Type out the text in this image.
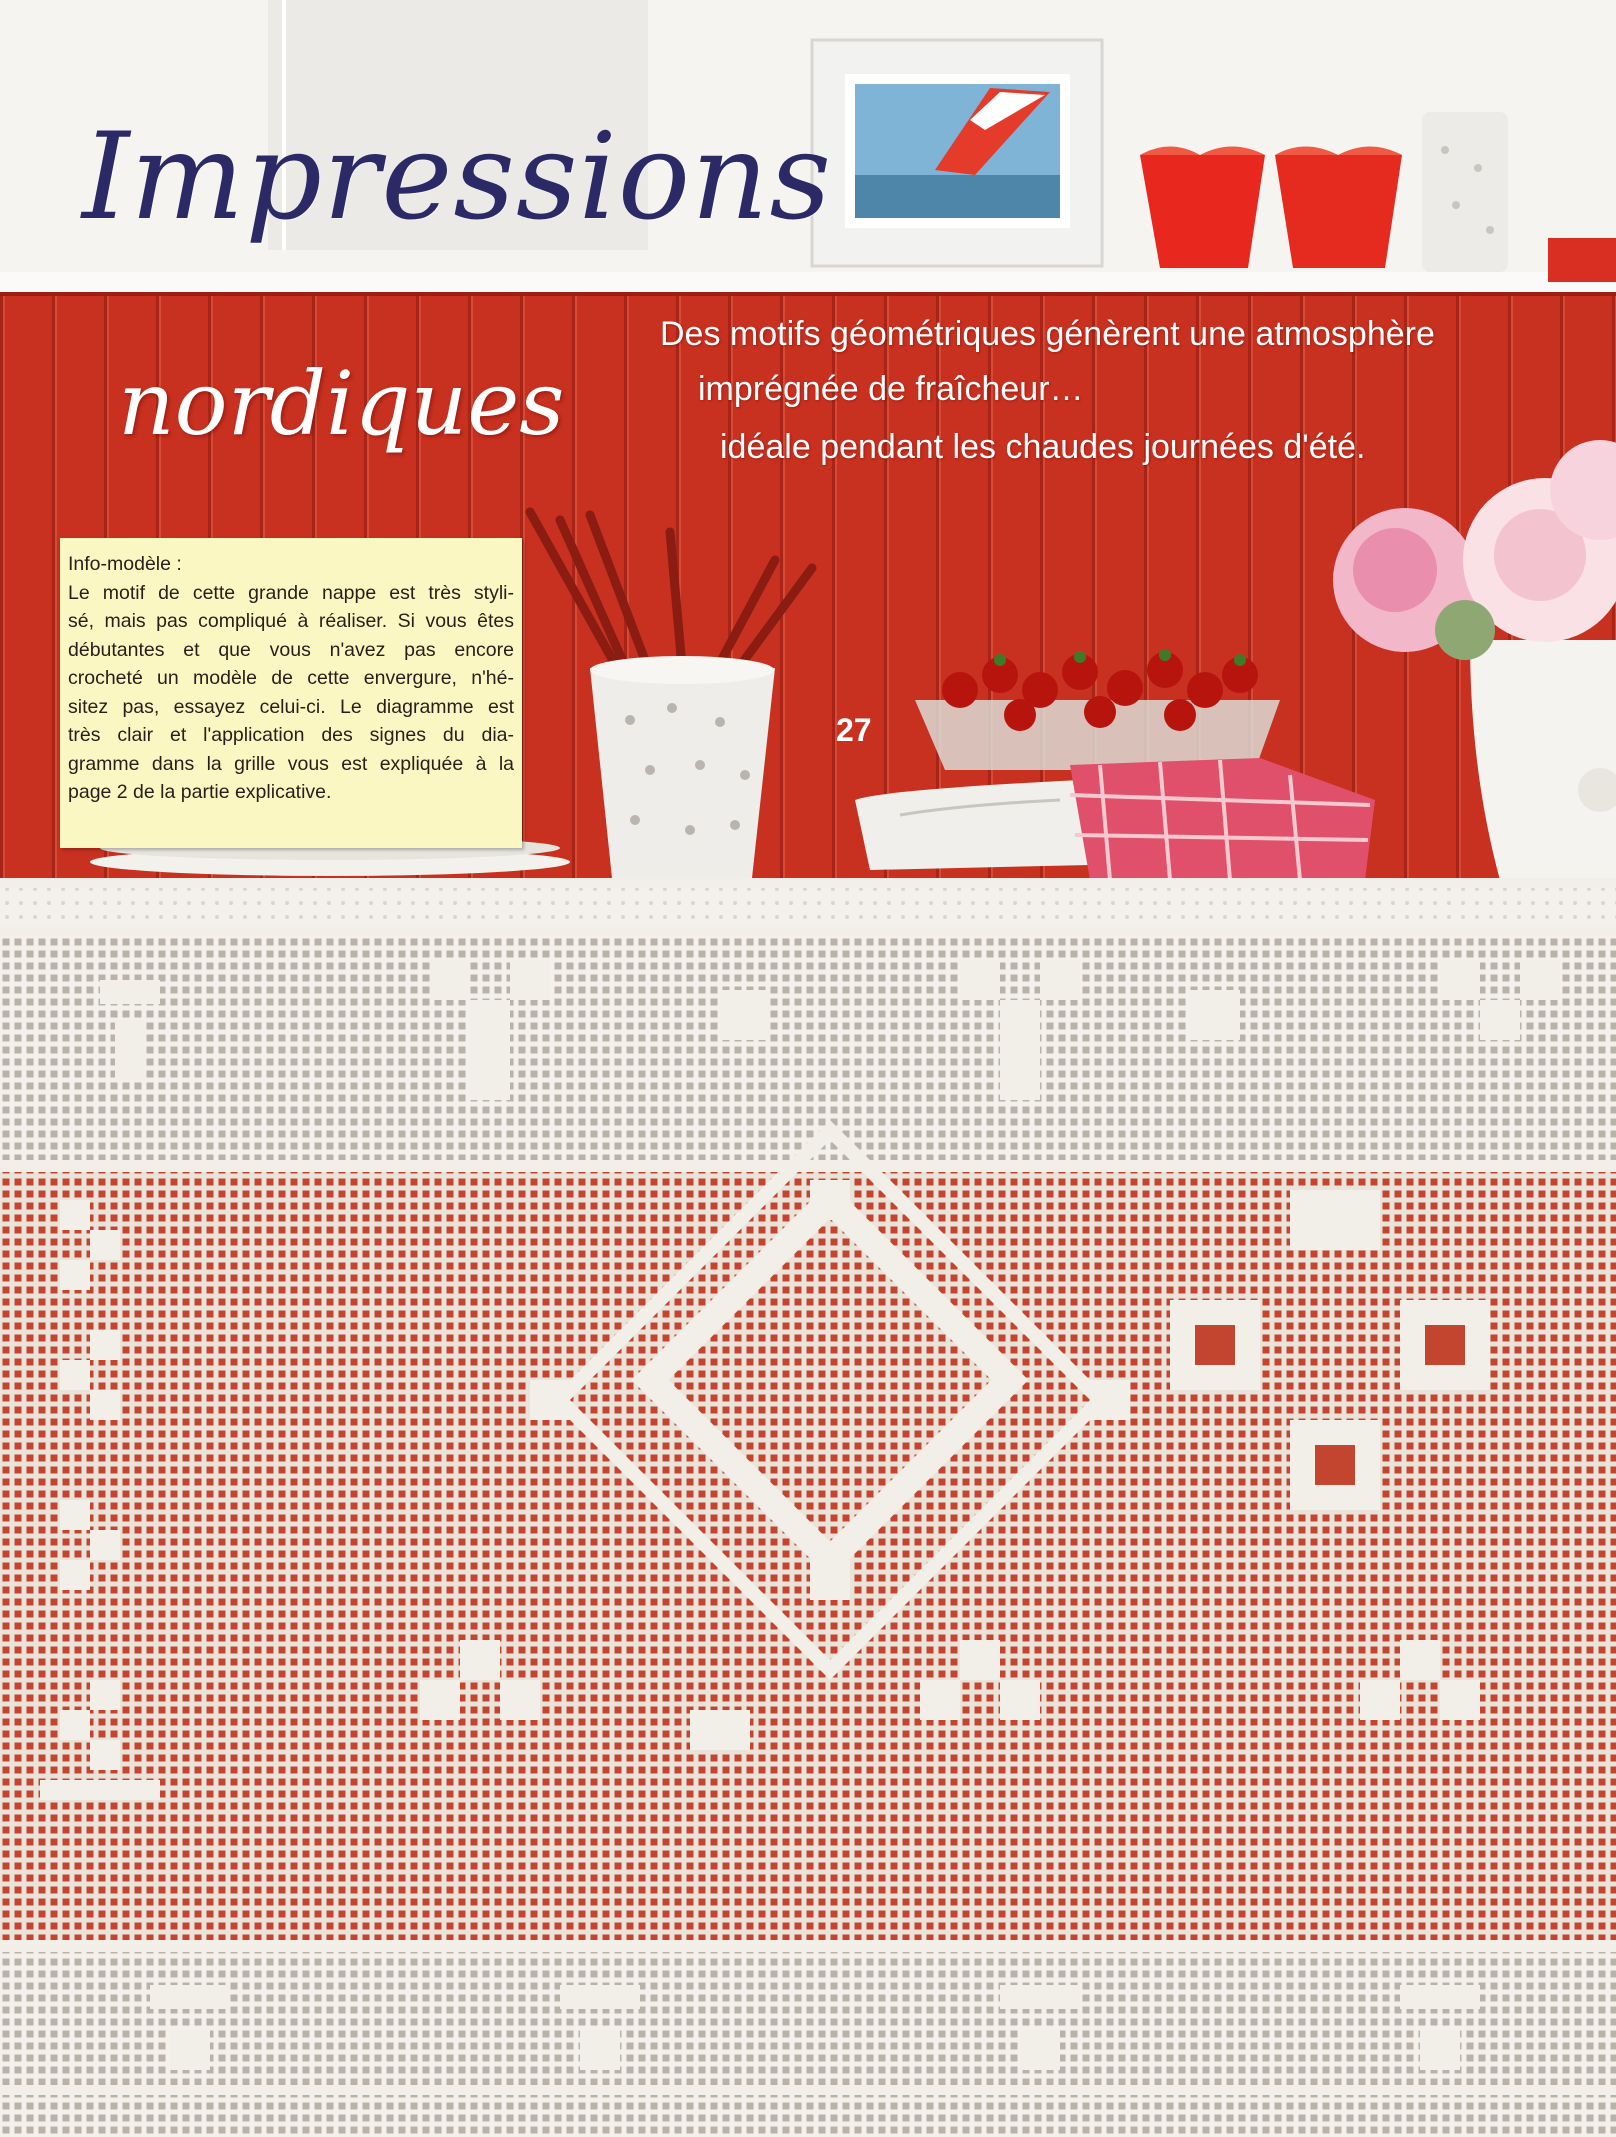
Impressions
nordiques
Des motifs géométriques génèrent une atmosphère
imprégnée de fraîcheur…
idéale pendant les chaudes journées d'été.
Info-modèle :
Le motif de cette grande nappe est très styli-
sé, mais pas compliqué à réaliser. Si vous êtes
débutantes et que vous n'avez pas encore
crocheté un modèle de cette envergure, n'hé-
sitez pas, essayez celui-ci. Le diagramme est
très clair et l'application des signes du dia-
gramme dans la grille vous est expliquée à la
page 2 de la partie explicative.
27
